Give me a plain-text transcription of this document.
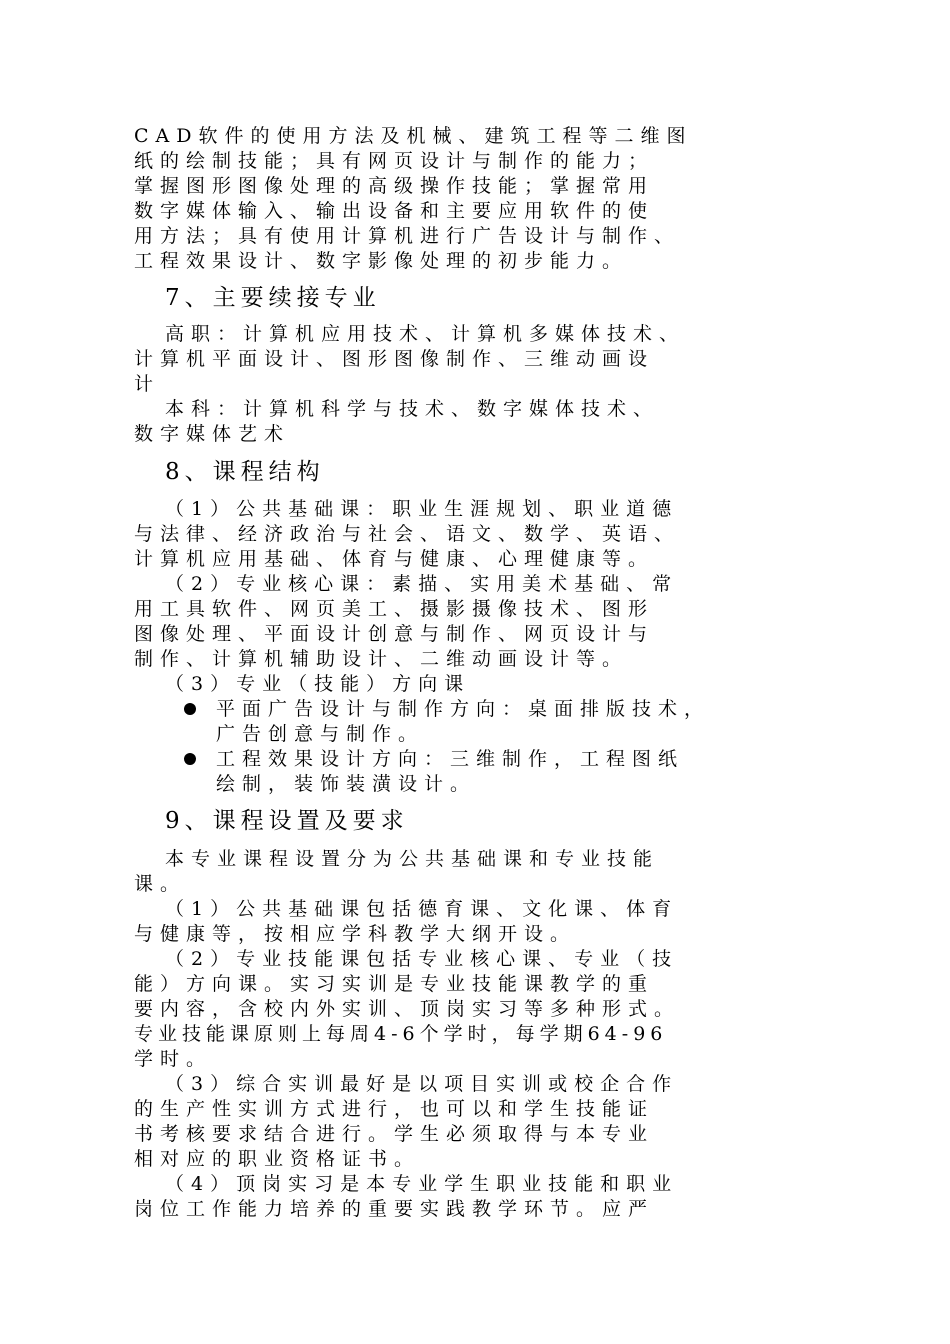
CAD软件的使用方法及机械、建筑工程等二维图

纸的绘制技能；具有网页设计与制作的能力；

掌握图形图像处理的高级操作技能；掌握常用

数字媒体输入、输出设备和主要应用软件的使

用方法；具有使用计算机进行广告设计与制作、

工程效果设计、数字影像处理的初步能力。

7、主要续接专业

高职：计算机应用技术、计算机多媒体技术、

计算机平面设计、图形图像制作、三维动画设

计

本科：计算机科学与技术、数字媒体技术、

数字媒体艺术

8、课程结构

（1）公共基础课：职业生涯规划、职业道德

与法律、经济政治与社会、语文、数学、英语、

计算机应用基础、体育与健康、心理健康等。

（2）专业核心课：素描、实用美术基础、常

用工具软件、网页美工、摄影摄像技术、图形

图像处理、平面设计创意与制作、网页设计与

制作、计算机辅助设计、二维动画设计等。

（3）专业（技能）方向课

平面广告设计与制作方向：桌面排版技术，

广告创意与制作。

工程效果设计方向：三维制作，工程图纸

绘制，装饰装潢设计。

9、课程设置及要求

本专业课程设置分为公共基础课和专业技能

课。

（1）公共基础课包括德育课、文化课、体育

与健康等，按相应学科教学大纲开设。

（2）专业技能课包括专业核心课、专业（技

能）方向课。实习实训是专业技能课教学的重

要内容，含校内外实训、顶岗实习等多种形式。

专业技能课原则上每周4-6个学时，每学期64-96

学时。

（3）综合实训最好是以项目实训或校企合作

的生产性实训方式进行，也可以和学生技能证

书考核要求结合进行。学生必须取得与本专业

相对应的职业资格证书。

（4）顶岗实习是本专业学生职业技能和职业

岗位工作能力培养的重要实践教学环节。应严
